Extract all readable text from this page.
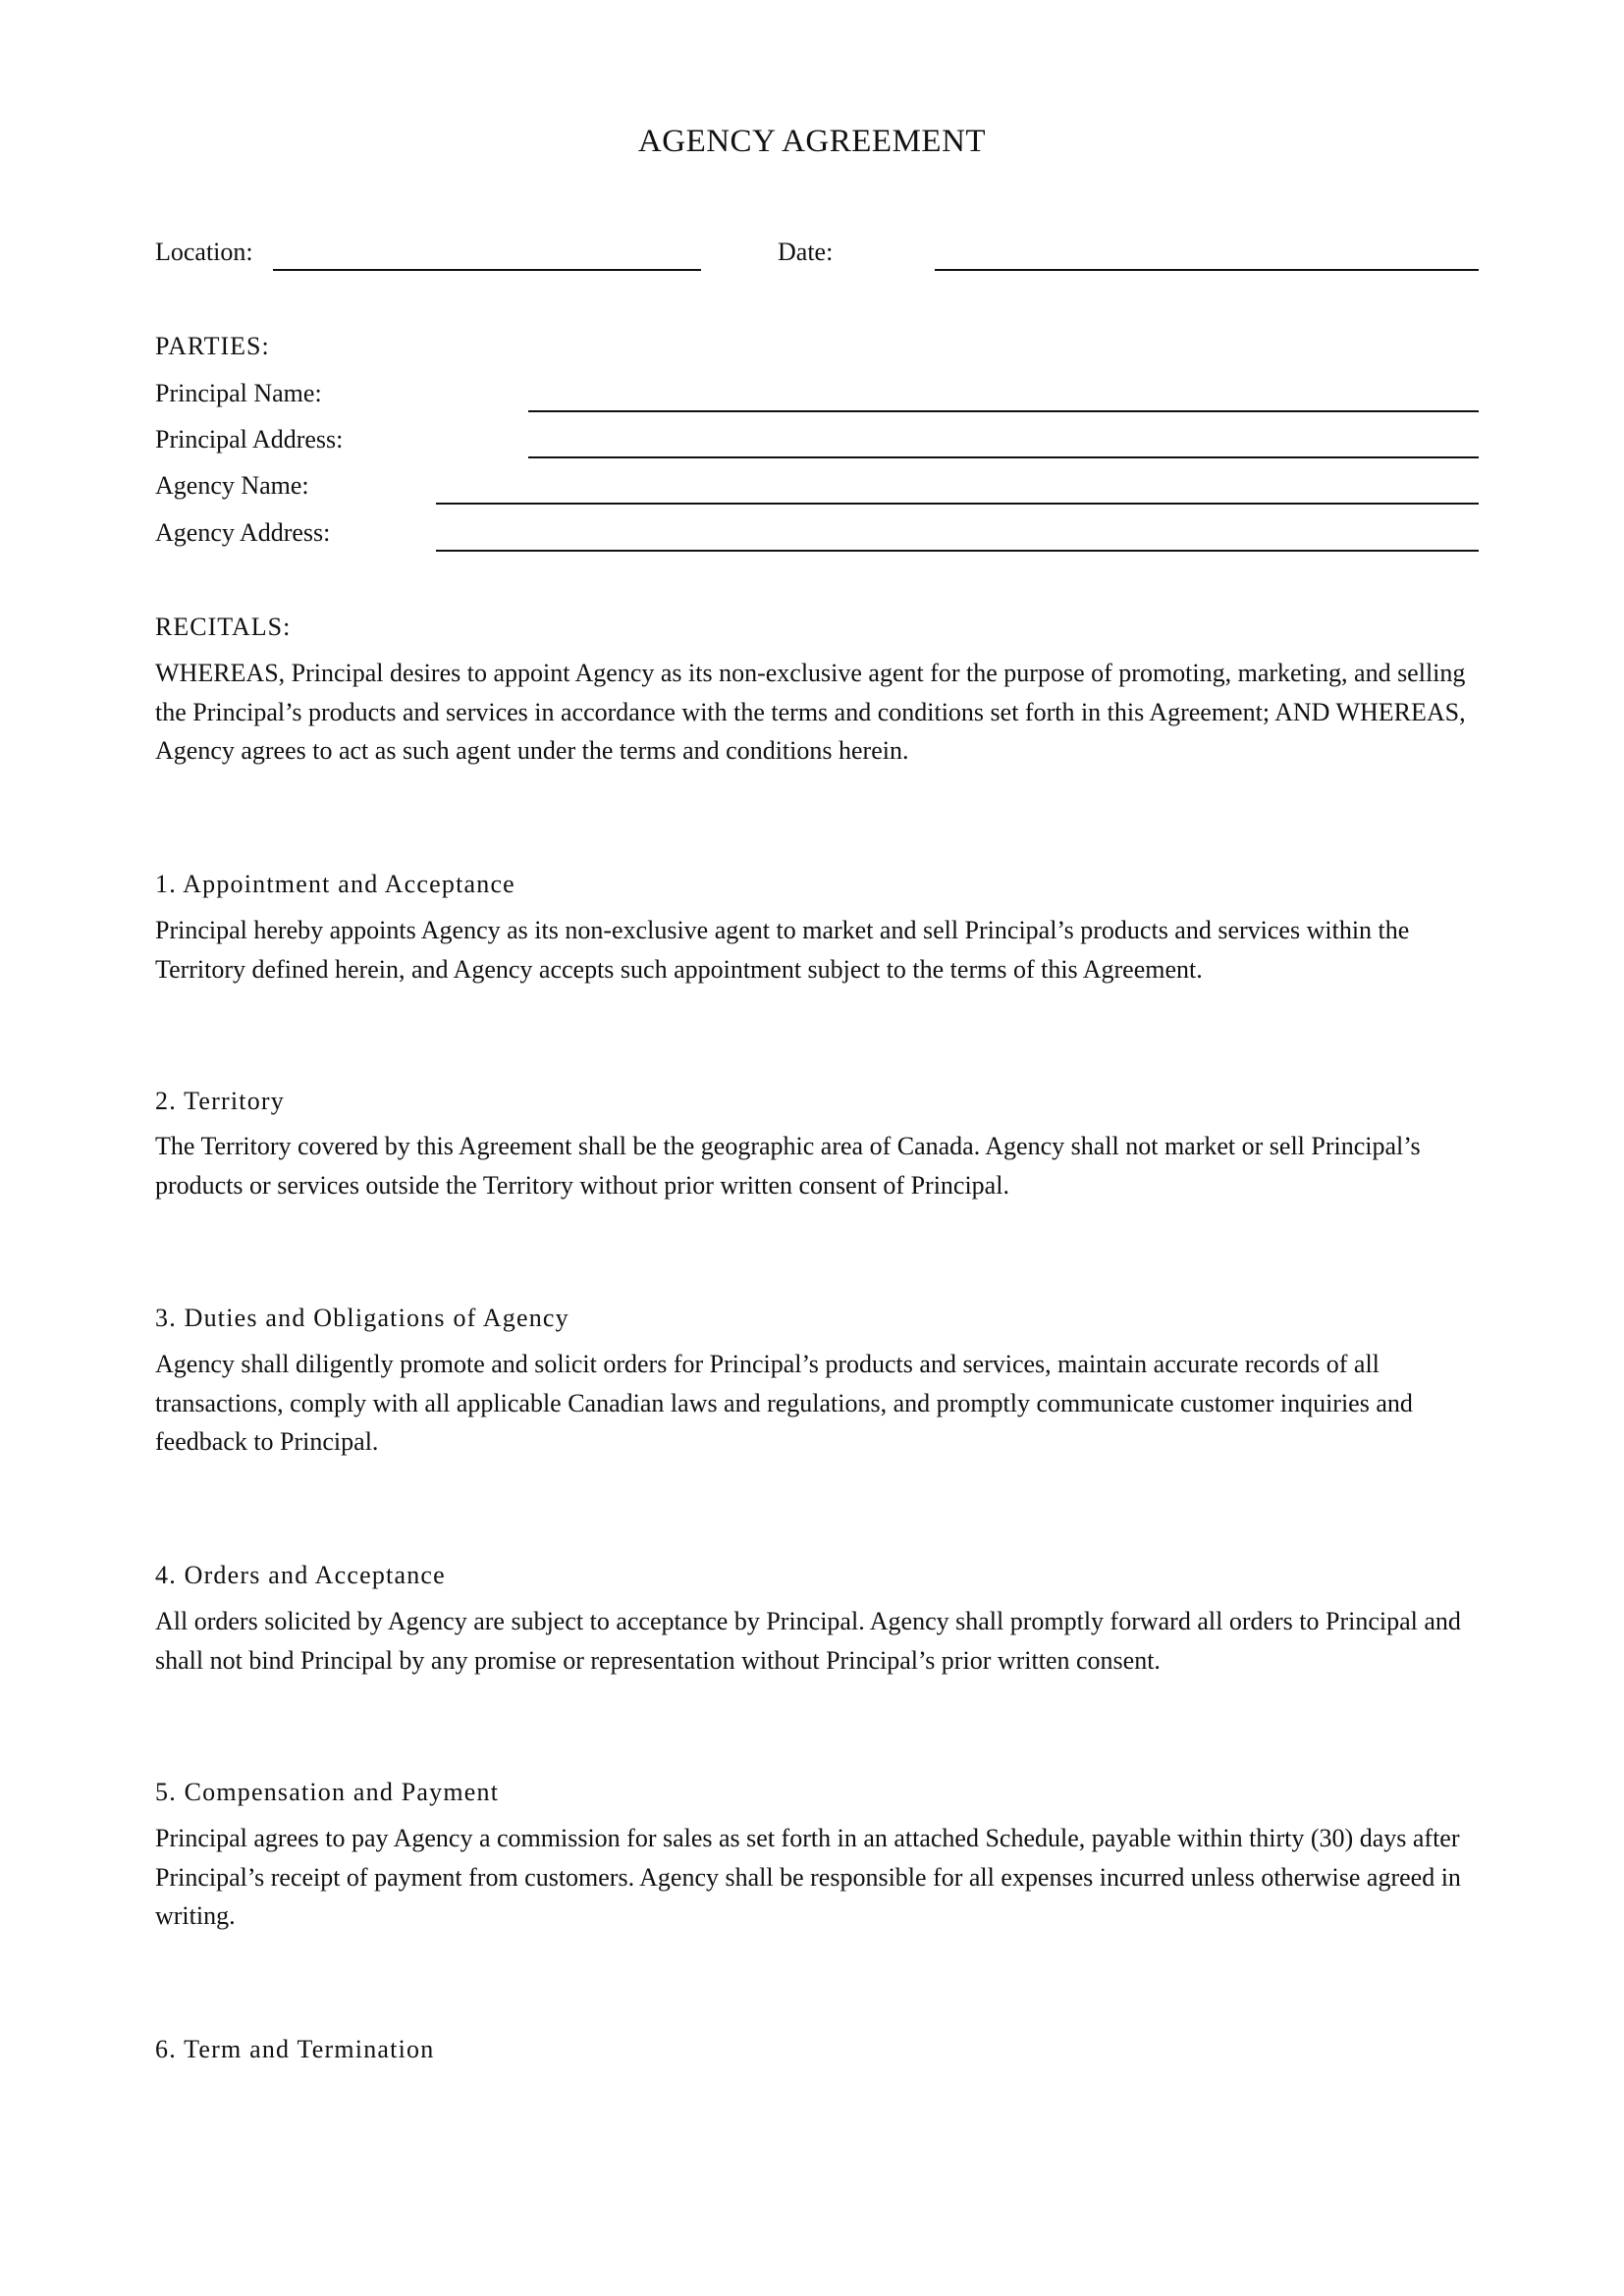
AGENCY AGREEMENT
Location:	Date:
PARTIES:
Principal Name:
Principal Address:
Agency Name:
Agency Address:
RECITALS:

WHEREAS, Principal desires to appoint Agency as its non-exclusive agent for the purpose of promoting, marketing, and selling the Principal’s products and services in accordance with the terms and conditions set forth in this Agreement; AND WHEREAS, Agency agrees to act as such agent under the terms and conditions herein.

1. Appointment and Acceptance

Principal hereby appoints Agency as its non-exclusive agent to market and sell Principal’s products and services within the Territory defined herein, and Agency accepts such appointment subject to the terms of this Agreement.

2. Territory

The Territory covered by this Agreement shall be the geographic area of Canada. Agency shall not market or sell Principal’s products or services outside the Territory without prior written consent of Principal.

3. Duties and Obligations of Agency

Agency shall diligently promote and solicit orders for Principal’s products and services, maintain accurate records of all transactions, comply with all applicable Canadian laws and regulations, and promptly communicate customer inquiries and feedback to Principal.

4. Orders and Acceptance

All orders solicited by Agency are subject to acceptance by Principal. Agency shall promptly forward all orders to Principal and shall not bind Principal by any promise or representation without Principal’s prior written consent.

5. Compensation and Payment

Principal agrees to pay Agency a commission for sales as set forth in an attached Schedule, payable within thirty (30) days after Principal’s receipt of payment from customers. Agency shall be responsible for all expenses incurred unless otherwise agreed in writing.

6. Term and Termination
